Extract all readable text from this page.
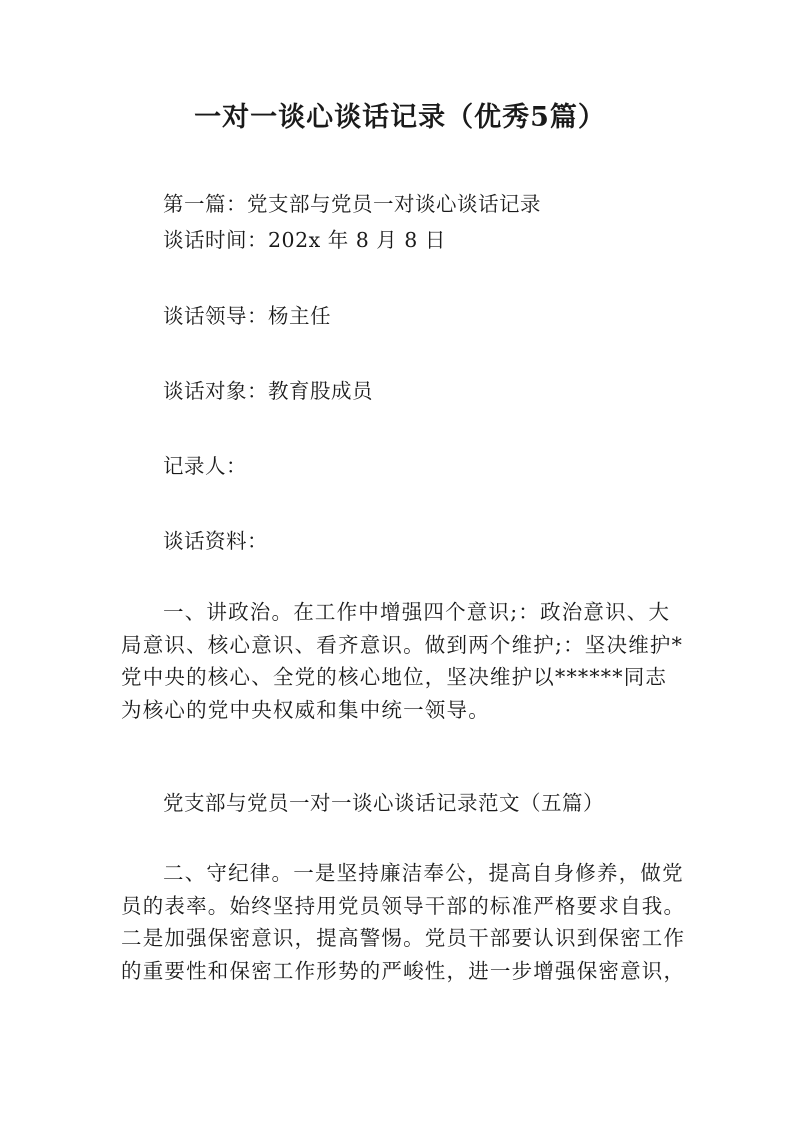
一对一谈心谈话记录（优秀5篇）

第一篇：党支部与党员一对谈心谈话记录

谈话时间：202x 年 8 月 8 日

谈话领导：杨主任

谈话对象：教育股成员

记录人：

谈话资料：

一、讲政治。在工作中增强四个意识;：政治意识、大局意识、核心意识、看齐意识。做到两个维护;：坚决维护*党中央的核心、全党的核心地位，坚决维护以******同志为核心的党中央权威和集中统一领导。

党支部与党员一对一谈心谈话记录范文（五篇）

二、守纪律。一是坚持廉洁奉公，提高自身修养，做党员的表率。始终坚持用党员领导干部的标准严格要求自我。二是加强保密意识，提高警惕。党员干部要认识到保密工作的重要性和保密工作形势的严峻性，进一步增强保密意识，
